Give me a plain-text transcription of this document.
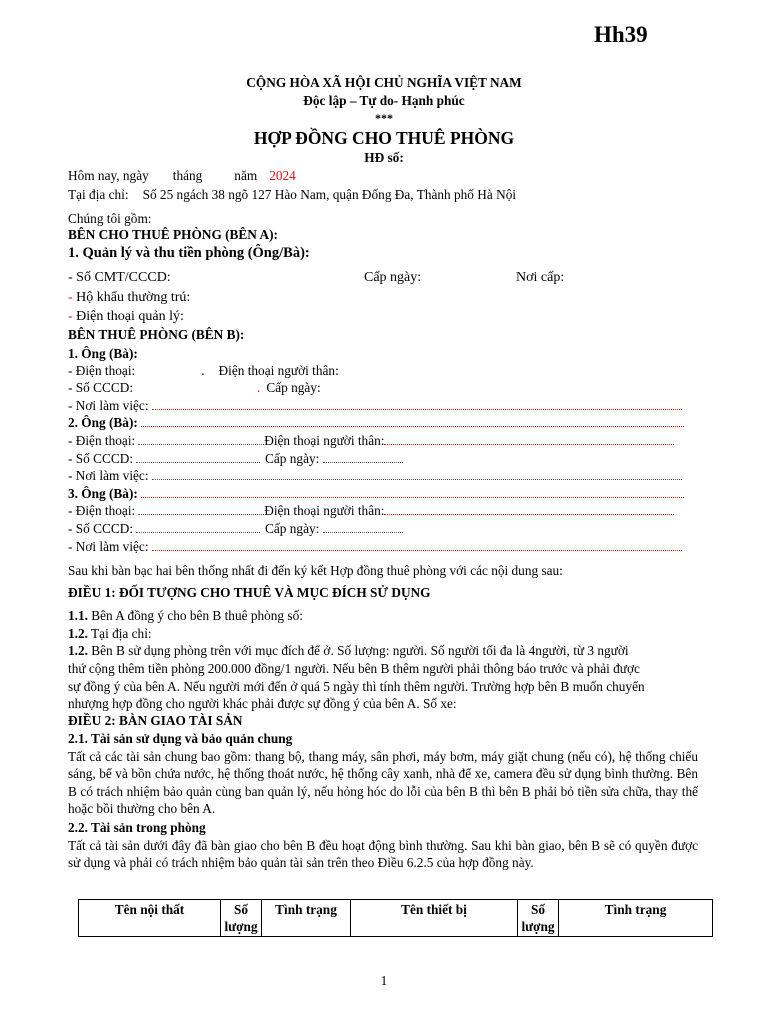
Hh39
CỘNG HÒA XÃ HỘI CHỦ NGHĨA VIỆT NAM
Độc lập – Tự do- Hạnh phúc
***
HỢP ĐỒNG CHO THUÊ PHÒNG
HĐ số:
Hôm nay, ngày tháng năm 2024
Tại địa chỉ: Số 25 ngách 38 ngõ 127 Hào Nam, quận Đống Đa, Thành phố Hà Nội
Chúng tôi gồm:
BÊN CHO THUÊ PHÒNG (BÊN A):
1. Quản lý và thu tiền phòng (Ông/Bà):
- Số CMT/CCCD:	Cấp ngày:	Nơi cấp:
- Hộ khẩu thường trú:
- Điện thoại quản lý:
BÊN THUÊ PHÒNG (BÊN B):
1. Ông (Bà):
- Điện thoại:	. Điện thoại người thân:
- Số CCCD:	. Cấp ngày:
- Nơi làm việc:
2. Ông (Bà):
- Điện thoại:	Điện thoại người thân:
- Số CCCD:	Cấp ngày:
- Nơi làm việc:
3. Ông (Bà):
- Điện thoại:	Điện thoại người thân:
- Số CCCD:	Cấp ngày:
- Nơi làm việc:
Sau khi bàn bạc hai bên thống nhất đi đến ký kết Hợp đồng thuê phòng với các nội dung sau:
ĐIỀU 1: ĐỐI TƯỢNG CHO THUÊ VÀ MỤC ĐÍCH SỬ DỤNG
1.1. Bên A đồng ý cho bên B thuê phòng số:
1.2. Tại địa chỉ:
1.2. Bên B sử dụng phòng trên với mục đích để ở. Số lượng: người. Số người tối đa là 4người, từ 3 người
thứ cộng thêm tiền phòng 200.000 đồng/1 người. Nếu bên B thêm người phải thông báo trước và phải được
sự đồng ý của bên A. Nếu người mới đến ở quá 5 ngày thì tính thêm người. Trường hợp bên B muốn chuyển
nhượng hợp đồng cho người khác phải được sự đồng ý của bên A. Số xe:
ĐIỀU 2: BÀN GIAO TÀI SẢN
2.1. Tài sản sử dụng và bảo quản chung
Tất cả các tài sản chung bao gồm: thang bộ, thang máy, sân phơi, máy bơm, máy giặt chung (nếu có), hệ thống chiếu sáng, bể và bồn chứa nước, hệ thống thoát nước, hệ thống cây xanh, nhà để xe, camera đều sử dụng bình thường. Bên B có trách nhiệm bảo quản cùng ban quản lý, nếu hỏng hóc do lỗi của bên B thì bên B phải bỏ tiền sửa chữa, thay thế hoặc bồi thường cho bên A.
2.2. Tài sản trong phòng
Tất cả tài sản dưới đây đã bàn giao cho bên B đều hoạt động bình thường. Sau khi bàn giao, bên B sẽ có quyền được sử dụng và phải có trách nhiệm bảo quản tài sản trên theo Điều 6.2.5 của hợp đồng này.
Tên nội thất	Số lượng	Tình trạng	Tên thiết bị	Số lượng	Tình trạng
1
